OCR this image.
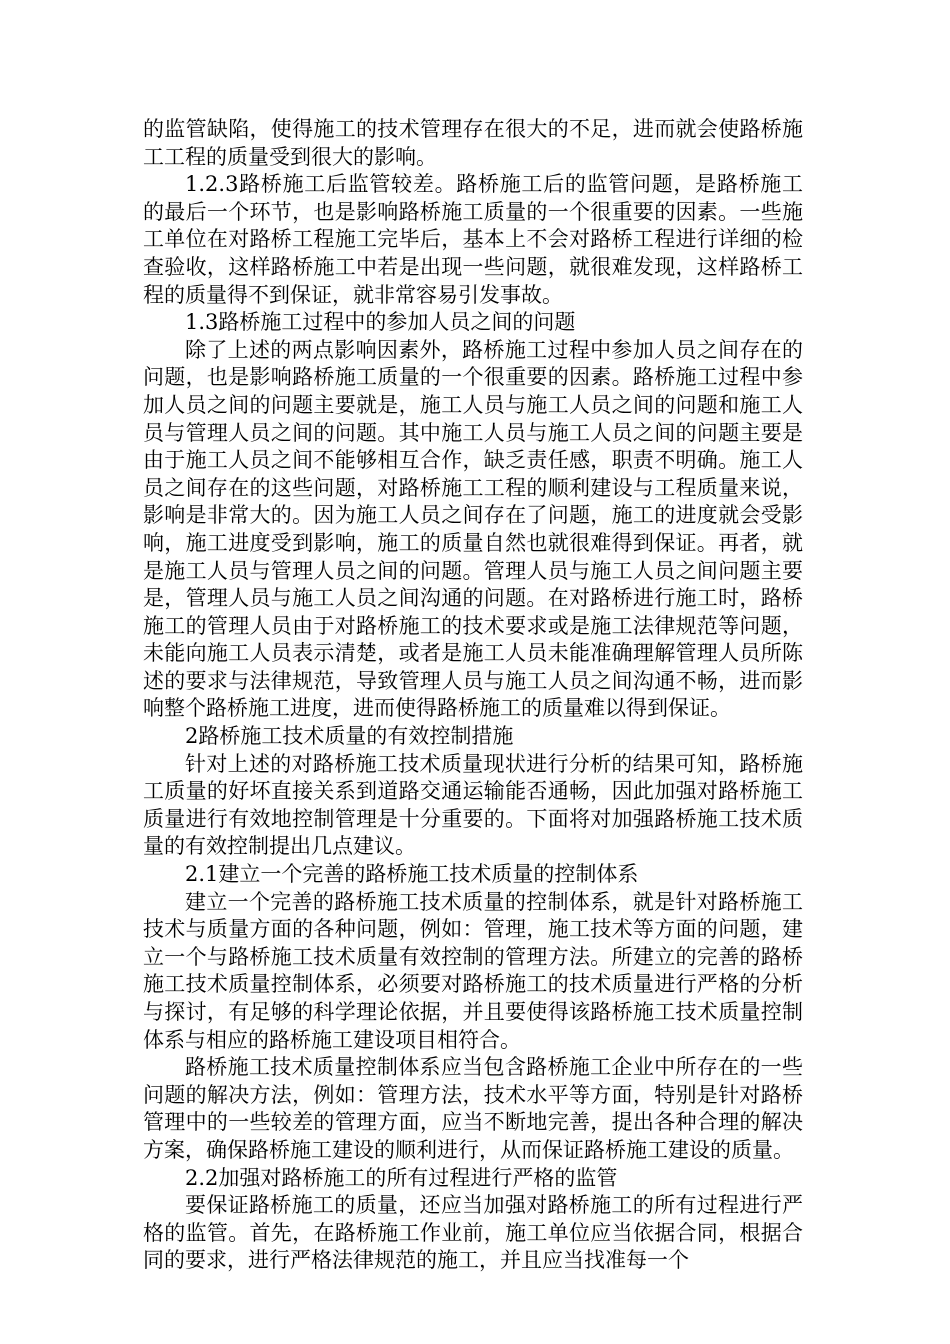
的监管缺陷，使得施工的技术管理存在很大的不足，进而就会使路桥施工工程的质量受到很大的影响。

1.2.3路桥施工后监管较差。路桥施工后的监管问题，是路桥施工的最后一个环节，也是影响路桥施工质量的一个很重要的因素。一些施工单位在对路桥工程施工完毕后，基本上不会对路桥工程进行详细的检查验收，这样路桥施工中若是出现一些问题，就很难发现，这样路桥工程的质量得不到保证，就非常容易引发事故。

1.3路桥施工过程中的参加人员之间的问题

除了上述的两点影响因素外，路桥施工过程中参加人员之间存在的问题，也是影响路桥施工质量的一个很重要的因素。路桥施工过程中参加人员之间的问题主要就是，施工人员与施工人员之间的问题和施工人员与管理人员之间的问题。其中施工人员与施工人员之间的问题主要是由于施工人员之间不能够相互合作，缺乏责任感，职责不明确。施工人员之间存在的这些问题，对路桥施工工程的顺利建设与工程质量来说，影响是非常大的。因为施工人员之间存在了问题，施工的进度就会受影响，施工进度受到影响，施工的质量自然也就很难得到保证。再者，就是施工人员与管理人员之间的问题。管理人员与施工人员之间问题主要是，管理人员与施工人员之间沟通的问题。在对路桥进行施工时，路桥施工的管理人员由于对路桥施工的技术要求或是施工法律规范等问题，未能向施工人员表示清楚，或者是施工人员未能准确理解管理人员所陈述的要求与法律规范，导致管理人员与施工人员之间沟通不畅，进而影响整个路桥施工进度，进而使得路桥施工的质量难以得到保证。

2路桥施工技术质量的有效控制措施

针对上述的对路桥施工技术质量现状进行分析的结果可知，路桥施工质量的好坏直接关系到道路交通运输能否通畅，因此加强对路桥施工质量进行有效地控制管理是十分重要的。下面将对加强路桥施工技术质量的有效控制提出几点建议。

2.1建立一个完善的路桥施工技术质量的控制体系

建立一个完善的路桥施工技术质量的控制体系，就是针对路桥施工技术与质量方面的各种问题，例如：管理，施工技术等方面的问题，建立一个与路桥施工技术质量有效控制的管理方法。所建立的完善的路桥施工技术质量控制体系，必须要对路桥施工的技术质量进行严格的分析与探讨，有足够的科学理论依据，并且要使得该路桥施工技术质量控制体系与相应的路桥施工建设项目相符合。

路桥施工技术质量控制体系应当包含路桥施工企业中所存在的一些问题的解决方法，例如：管理方法，技术水平等方面，特别是针对路桥管理中的一些较差的管理方面，应当不断地完善，提出各种合理的解决方案，确保路桥施工建设的顺利进行，从而保证路桥施工建设的质量。

2.2加强对路桥施工的所有过程进行严格的监管

要保证路桥施工的质量，还应当加强对路桥施工的所有过程进行严格的监管。首先，在路桥施工作业前，施工单位应当依据合同，根据合同的要求，进行严格法律规范的施工，并且应当找准每一个
